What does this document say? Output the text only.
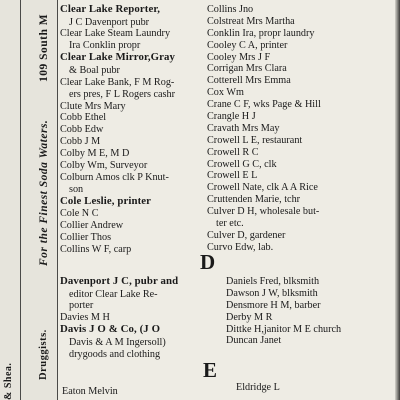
Druggists.
For the Finest Soda Waters.
109 South M
& Shea.
Clear Lake Reporter,
J C Davenport pubr
Clear Lake Steam Laundry
Ira Conklin propr
Clear Lake Mirror,Gray
& Boal pubr
Clear Lake Bank, F M Rog-
ers pres, F L Rogers cashr
Clute Mrs Mary
Cobb Ethel
Cobb Edw
Cobb J M
Colby M E, M D
Colby Wm, Surveyor
Colburn Amos clk P Knut-
son
Cole Leslie, printer
Cole N C
Collier Andrew
Collier Thos
Collins W F, carp
Collins Jno
Colstreat Mrs Martha
Conklin Ira, propr laundry
Cooley C A, printer
Cooley Mrs J F
Corrigan Mrs Clara
Cotterell Mrs Emma
Cox Wm
Crane C F, wks Page & Hill
Crangle H J
Cravath Mrs May
Crowell L E, restaurant
Crowell R C
Crowell G C, clk
Crowell E L
Crowell Nate, clk A A Rice
Cruttenden Marie, tchr
Culver D H, wholesale but-
ter etc.
Culver D, gardener
Curvo Edw, lab.
D
Davenport J C, pubr and
editor Clear Lake Re-
porter
Davies M H
Davis J O & Co, (J O
Davis & A M Ingersoll)
drygoods and clothing
Daniels Fred, blksmith
Dawson J W, blksmith
Densmore H M, barber
Derby M R
Dittke H,janitor M E church
Duncan Janet
E
Eaton Melvin	Eldridge L
